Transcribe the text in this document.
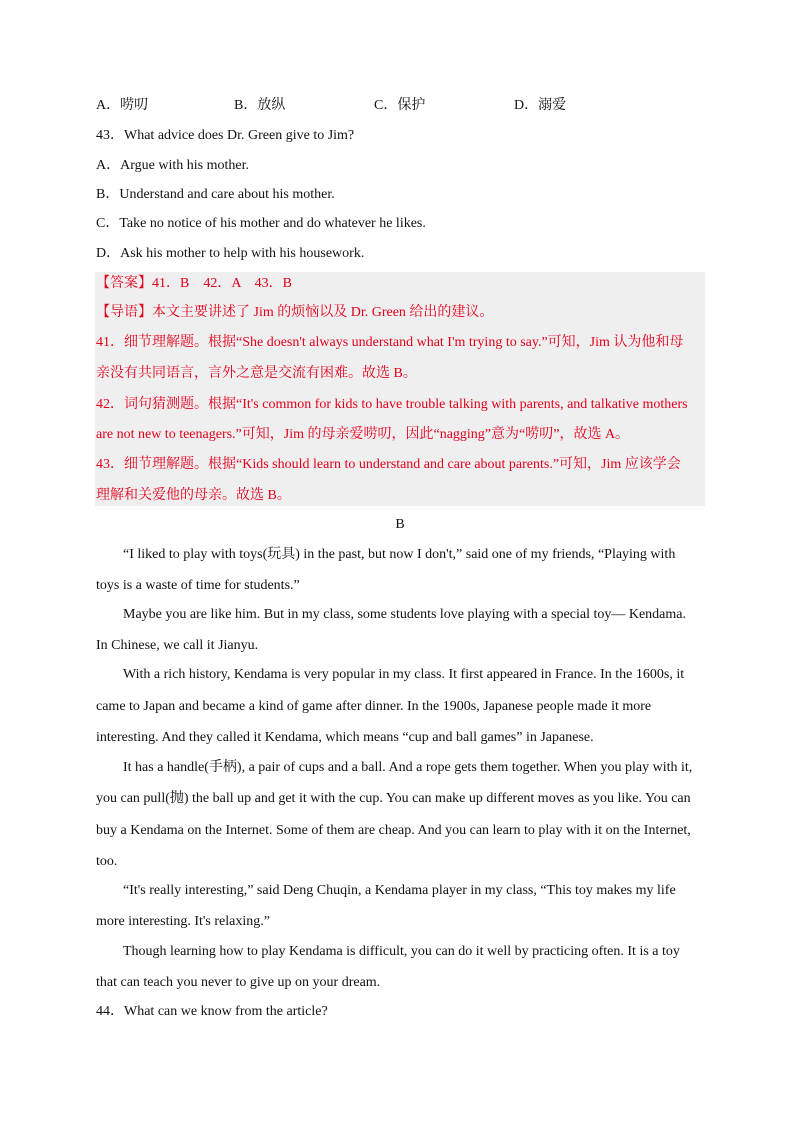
A．唠叨	B．放纵	C．保护	D．溺爱
43．What advice does Dr. Green give to Jim?
A．Argue with his mother.
B．Understand and care about his mother.
C．Take no notice of his mother and do whatever he likes.
D．Ask his mother to help with his housework.
【答案】41．B　42．A　43．B
【导语】本文主要讲述了 Jim 的烦恼以及 Dr. Green 给出的建议。
41．细节理解题。根据“She doesn't always understand what I'm trying to say.”可知，Jim 认为他和母
亲没有共同语言，言外之意是交流有困难。故选 B。
42．词句猜测题。根据“It's common for kids to have trouble talking with parents, and talkative mothers
are not new to teenagers.”可知，Jim 的母亲爱唠叨，因此“nagging”意为“唠叨”，故选 A。
43．细节理解题。根据“Kids should learn to understand and care about parents.”可知，Jim 应该学会
理解和关爱他的母亲。故选 B。
B
“I liked to play with toys(玩具) in the past, but now I don't,” said one of my friends, “Playing with
toys is a waste of time for students.”
Maybe you are like him. But in my class, some students love playing with a special toy— Kendama.
In Chinese, we call it Jianyu.
With a rich history, Kendama is very popular in my class. It first appeared in France. In the 1600s, it
came to Japan and became a kind of game after dinner. In the 1900s, Japanese people made it more
interesting. And they called it Kendama, which means “cup and ball games” in Japanese.
It has a handle(手柄), a pair of cups and a ball. And a rope gets them together. When you play with it,
you can pull(抛) the ball up and get it with the cup. You can make up different moves as you like. You can
buy a Kendama on the Internet. Some of them are cheap. And you can learn to play with it on the Internet,
too.
“It's really interesting,” said Deng Chuqin, a Kendama player in my class, “This toy makes my life
more interesting. It's relaxing.”
Though learning how to play Kendama is difficult, you can do it well by practicing often. It is a toy
that can teach you never to give up on your dream.
44．What can we know from the article?
